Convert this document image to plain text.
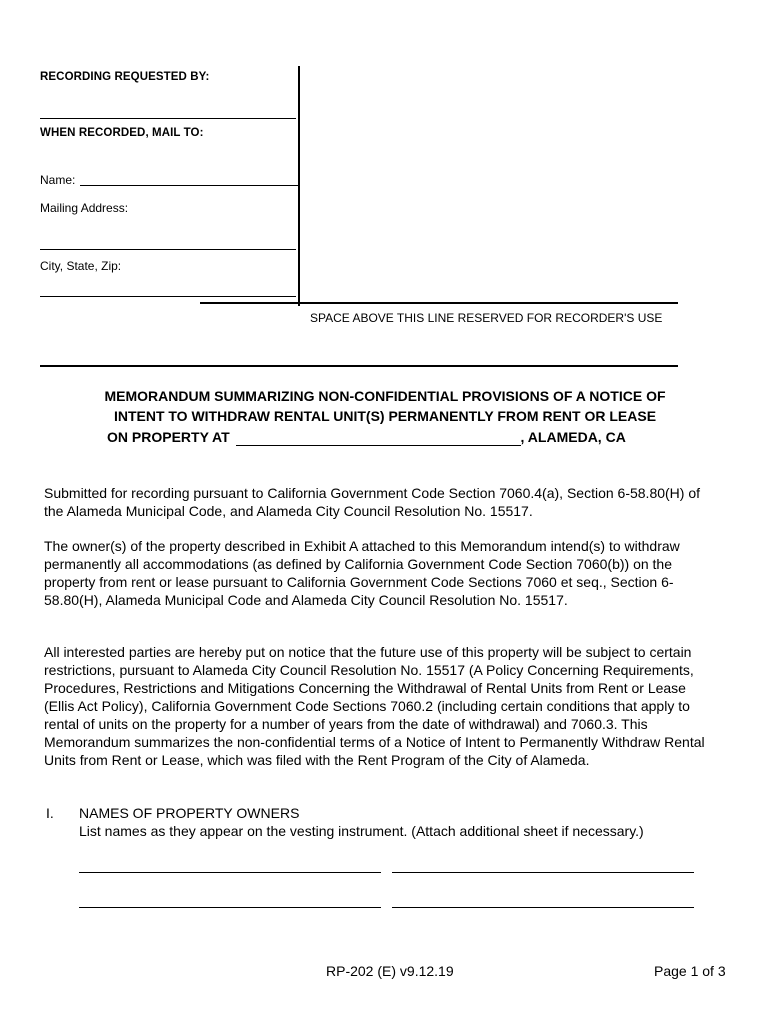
RECORDING REQUESTED BY:
WHEN RECORDED, MAIL TO:
Name:
Mailing Address:
City, State, Zip:
SPACE ABOVE THIS LINE RESERVED FOR RECORDER'S USE
MEMORANDUM SUMMARIZING NON-CONFIDENTIAL PROVISIONS OF A NOTICE OF
INTENT TO WITHDRAW RENTAL UNIT(S) PERMANENTLY FROM RENT OR LEASE
ON PROPERTY AT	, ALAMEDA, CA
Submitted for recording pursuant to California Government Code Section 7060.4(a), Section 6-58.80(H) of the Alameda Municipal Code, and Alameda City Council Resolution No. 15517.
The owner(s) of the property described in Exhibit A attached to this Memorandum intend(s) to withdraw permanently all accommodations (as defined by California Government Code Section 7060(b)) on the property from rent or lease pursuant to California Government Code Sections 7060 et seq., Section 6-58.80(H), Alameda Municipal Code and Alameda City Council Resolution No. 15517.
All interested parties are hereby put on notice that the future use of this property will be subject to certain restrictions, pursuant to Alameda City Council Resolution No. 15517 (A Policy Concerning Requirements, Procedures, Restrictions and Mitigations Concerning the Withdrawal of Rental Units from Rent or Lease (Ellis Act Policy), California Government Code Sections 7060.2 (including certain conditions that apply to rental of units on the property for a number of years from the date of withdrawal) and 7060.3. This Memorandum summarizes the non-confidential terms of a Notice of Intent to Permanently Withdraw Rental Units from Rent or Lease, which was filed with the Rent Program of the City of Alameda.
I. NAMES OF PROPERTY OWNERS
List names as they appear on the vesting instrument. (Attach additional sheet if necessary.)
RP-202 (E) v9.12.19	Page 1 of 3
